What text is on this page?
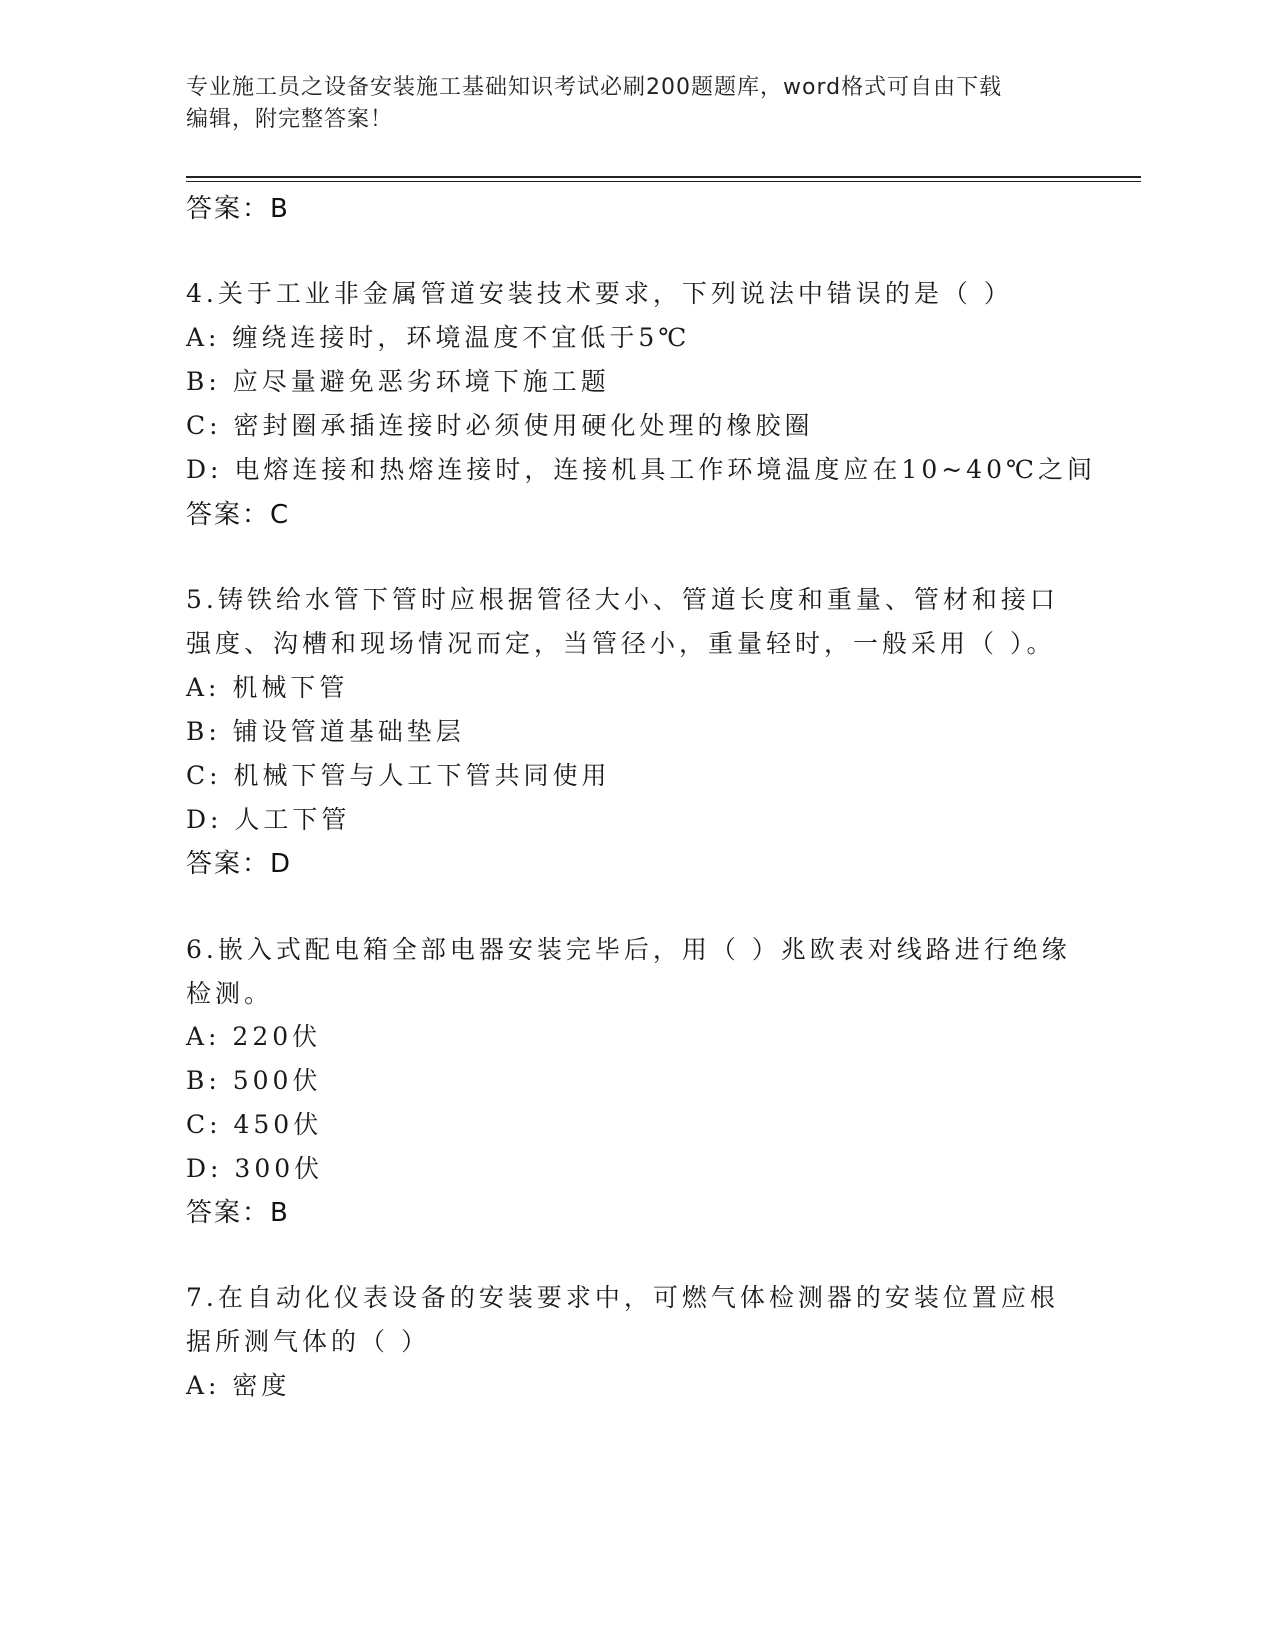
专业施工员之设备安装施工基础知识考试必刷200题题库，word格式可自由下载
编辑，附完整答案！
答案：B
4.关于工业非金属管道安装技术要求，下列说法中错误的是（ ）
A: 缠绕连接时，环境温度不宜低于5℃
B: 应尽量避免恶劣环境下施工题
C: 密封圈承插连接时必须使用硬化处理的橡胶圈
D: 电熔连接和热熔连接时，连接机具工作环境温度应在10~40℃之间
答案：C
5.铸铁给水管下管时应根据管径大小、管道长度和重量、管材和接口
强度、沟槽和现场情况而定，当管径小，重量轻时，一般采用（ ）。
A: 机械下管
B: 铺设管道基础垫层
C: 机械下管与人工下管共同使用
D: 人工下管
答案：D
6.嵌入式配电箱全部电器安装完毕后，用（ ）兆欧表对线路进行绝缘
检测。
A: 220伏
B: 500伏
C: 450伏
D: 300伏
答案：B
7.在自动化仪表设备的安装要求中，可燃气体检测器的安装位置应根
据所测气体的（ ）
A: 密度
